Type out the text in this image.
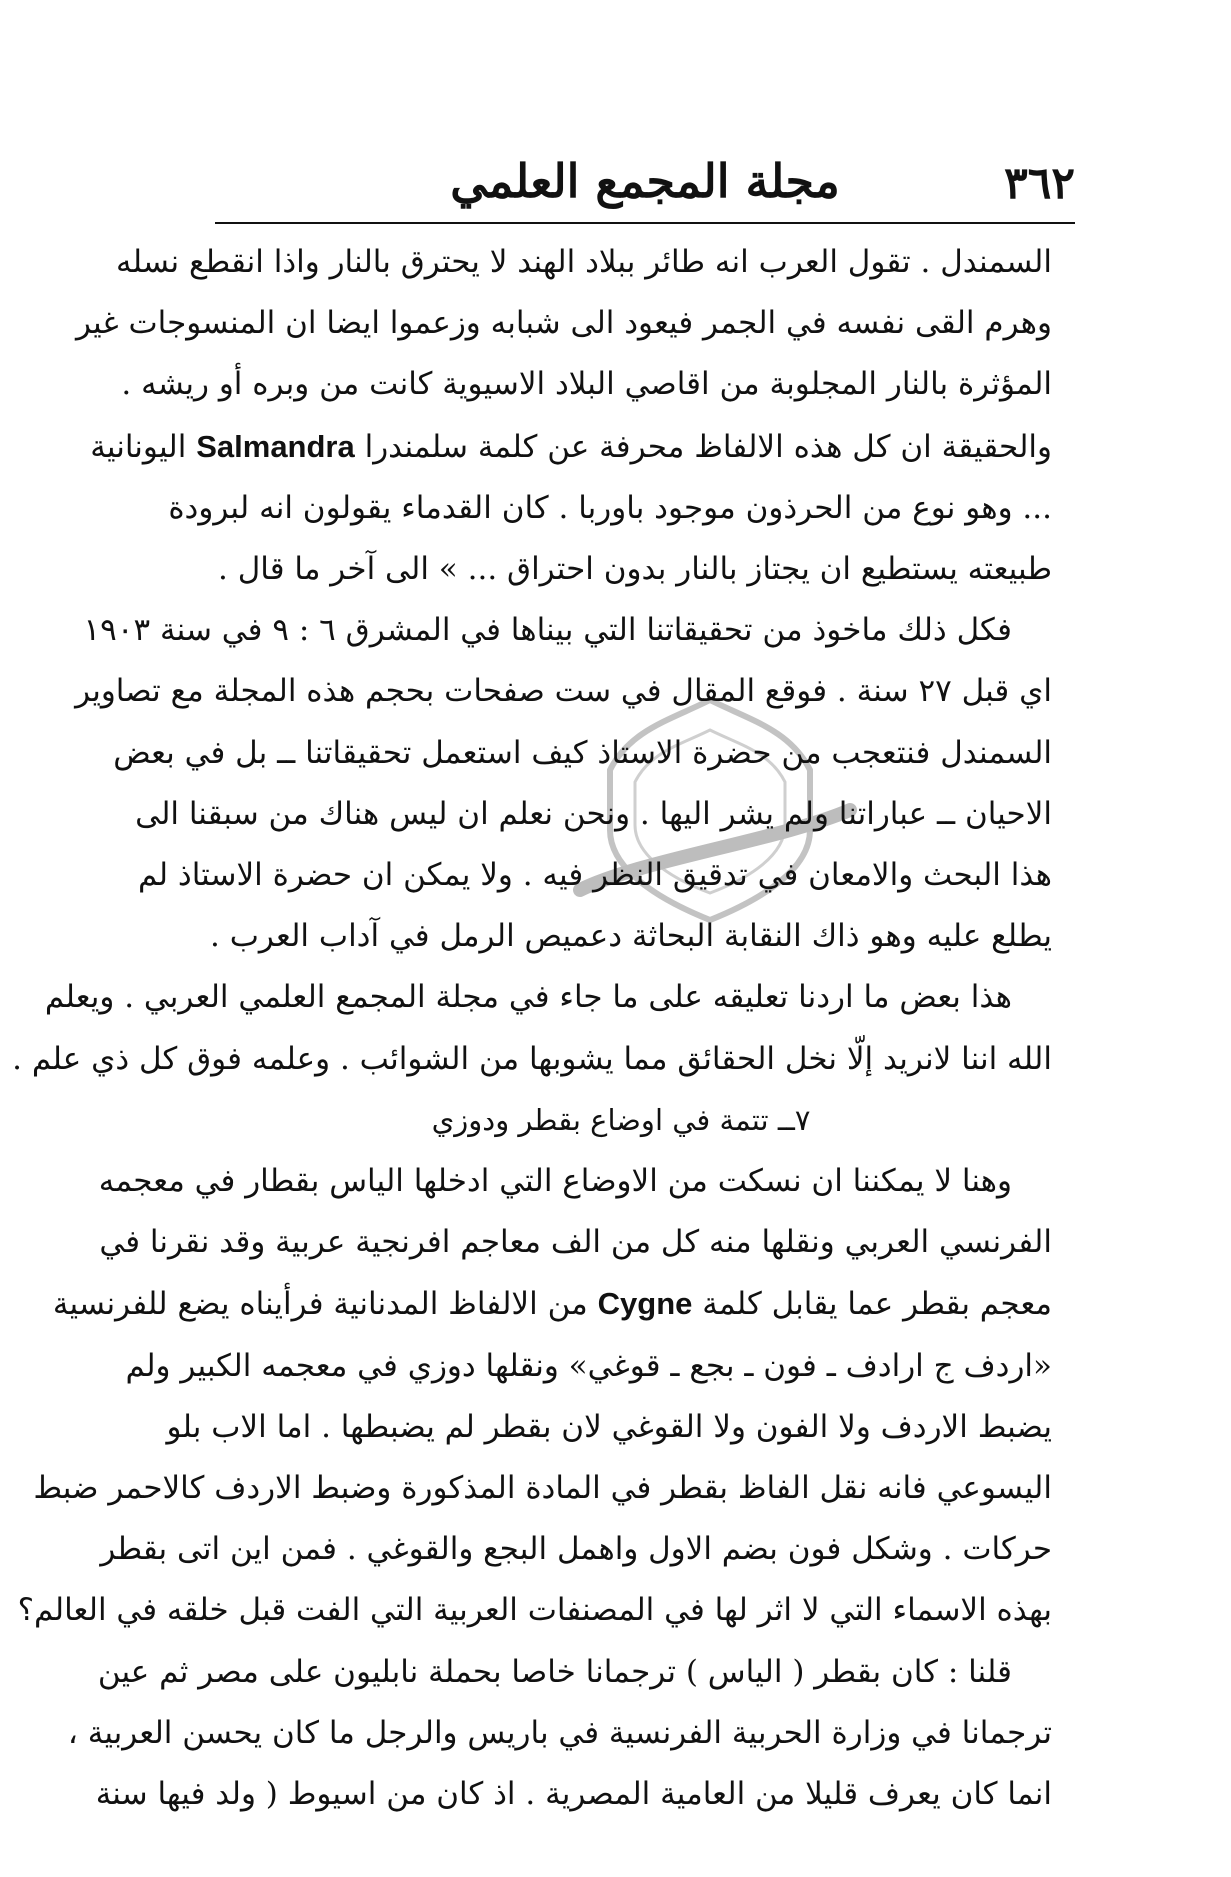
٣٦٢
مجلة المجمع العلمي

السمندل . تقول العرب انه طائر ببلاد الهند لا يحترق بالنار واذا انقطع نسله
وهرم القى نفسه في الجمر فيعود الى شبابه وزعموا ايضا ان المنسوجات غير
المؤثرة بالنار المجلوبة من اقاصي البلاد الاسيوية كانت من وبره أو ريشه .
والحقيقة ان كل هذه الالفاظ محرفة عن كلمة سلمندرا Salmandra اليونانية
... وهو نوع من الحرذون موجود باوربا . كان القدماء يقولون انه لبرودة
طبيعته يستطيع ان يجتاز بالنار بدون احتراق ... » الى آخر ما قال .

فكل ذلك ماخوذ من تحقيقاتنا التي بيناها في المشرق ٦ : ٩ في سنة ١٩٠٣
اي قبل ٢٧ سنة . فوقع المقال في ست صفحات بحجم هذه المجلة مع تصاوير
السمندل فنتعجب من حضرة الاستاذ كيف استعمل تحقيقاتنا ــ بل في بعض
الاحيان ــ عباراتنا ولم يشر اليها . ونحن نعلم ان ليس هناك من سبقنا الى
هذا البحث والامعان في تدقيق النظر فيه . ولا يمكن ان حضرة الاستاذ لم
يطلع عليه وهو ذاك النقابة البحاثة دعميص الرمل في آداب العرب .

هذا بعض ما اردنا تعليقه على ما جاء في مجلة المجمع العلمي العربي . ويعلم
الله اننا لانريد إلّا نخل الحقائق مما يشوبها من الشوائب . وعلمه فوق كل ذي علم .

٧ــ تتمة في اوضاع بقطر ودوزي

وهنا لا يمكننا ان نسكت من الاوضاع التي ادخلها الياس بقطار في معجمه
الفرنسي العربي ونقلها منه كل من الف معاجم افرنجية عربية وقد نقرنا في
معجم بقطر عما يقابل كلمة Cygne من الالفاظ المدنانية فرأيناه يضع للفرنسية
«اردف ج ارادف ـ فون ـ بجع ـ قوغي» ونقلها دوزي في معجمه الكبير ولم
يضبط الاردف ولا الفون ولا القوغي لان بقطر لم يضبطها . اما الاب بلو
اليسوعي فانه نقل الفاظ بقطر في المادة المذكورة وضبط الاردف كالاحمر ضبط
حركات . وشكل فون بضم الاول واهمل البجع والقوغي . فمن اين اتى بقطر
بهذه الاسماء التي لا اثر لها في المصنفات العربية التي الفت قبل خلقه في العالم؟

قلنا : كان بقطر ( الياس ) ترجمانا خاصا بحملة نابليون على مصر ثم عين
ترجمانا في وزارة الحربية الفرنسية في باريس والرجل ما كان يحسن العربية ،
انما كان يعرف قليلا من العامية المصرية . اذ كان من اسيوط ( ولد فيها سنة
